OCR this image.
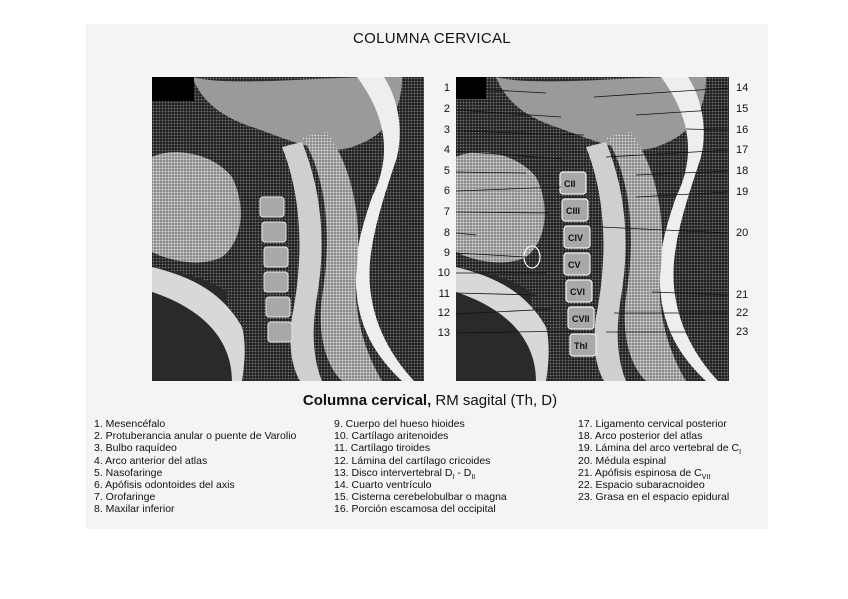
COLUMNA CERVICAL
CII
CIII
CIV
CV
CVI
CVII
ThI
1
2
3
4
5
6
7
8
9
10
11
12
13
14
15
16
17
18
19
20
21
22
23
Columna cervical, RM sagital (Th, D)
1. Mesencéfalo
2. Protuberancia anular o puente de Varolio
3. Bulbo raquídeo
4. Arco anterior del atlas
5. Nasofaringe
6. Apófisis odontoides del axis
7. Orofaringe
8. Maxilar inferior
9. Cuerpo del hueso hioides
10. Cartílago aritenoides
11. Cartílago tiroides
12. Lámina del cartílago cricoides
13. Disco intervertebral $D_I - D_{II}$
14. Cuarto ventrículo
15. Cisterna cerebelobulbar o magna
16. Porción escamosa del occipital
17. Ligamento cervical posterior
18. Arco posterior del atlas
19. Lámina del arco vertebral de $C_I$
20. Médula espinal
21. Apófisis espinosa de $C_{VII}$
22. Espacio subaracnoideo
23. Grasa en el espacio epidural
